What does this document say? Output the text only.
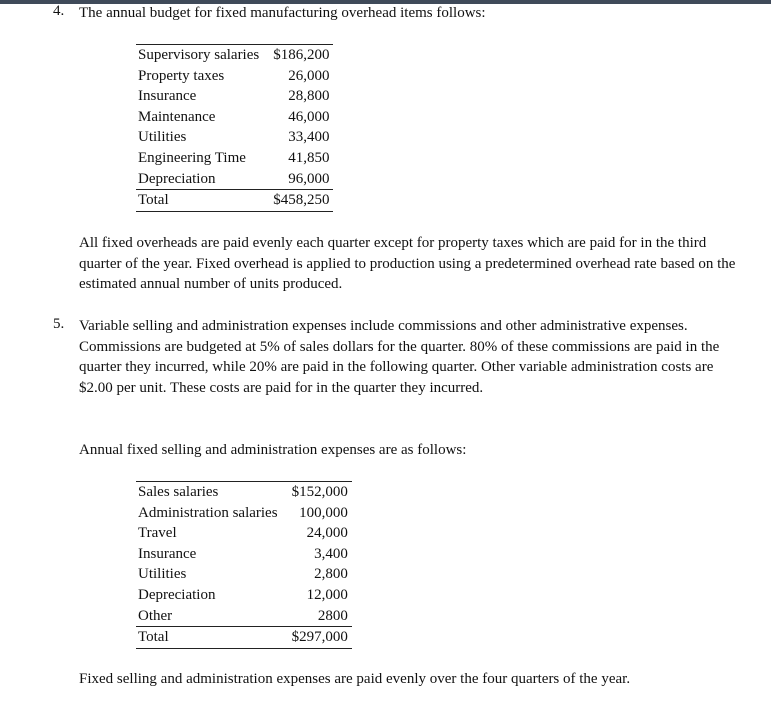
4. The annual budget for fixed manufacturing overhead items follows:
Supervisory salaries	$186,200
Property taxes	26,000
Insurance	28,800
Maintenance	46,000
Utilities	33,400
Engineering Time	41,850
Depreciation	96,000
Total	$458,250
All fixed overheads are paid evenly each quarter except for property taxes which are paid for in the third quarter of the year. Fixed overhead is applied to production using a predetermined overhead rate based on the estimated annual number of units produced.
5. Variable selling and administration expenses include commissions and other administrative expenses. Commissions are budgeted at 5% of sales dollars for the quarter. 80% of these commissions are paid in the quarter they incurred, while 20% are paid in the following quarter. Other variable administration costs are $2.00 per unit. These costs are paid for in the quarter they incurred.
Annual fixed selling and administration expenses are as follows:
Sales salaries	$152,000
Administration salaries	100,000
Travel	24,000
Insurance	3,400
Utilities	2,800
Depreciation	12,000
Other	2800
Total	$297,000
Fixed selling and administration expenses are paid evenly over the four quarters of the year.
